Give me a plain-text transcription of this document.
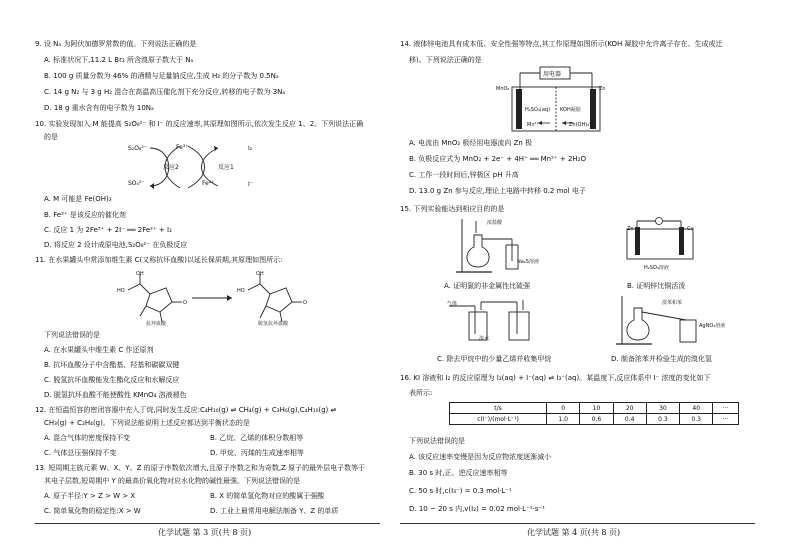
9. 设 Nₐ 为阿伏加德罗常数的值。下列说法正确的是
A. 标准状况下,11.2 L Br₂ 所含溴原子数大于 Nₐ
B. 100 g 质量分数为 46% 的酒精与足量钠反应,生成 H₂ 的分子数为 0.5Nₐ
C. 14 g N₂ 与 3 g H₂ 混合在高温高压催化剂下充分反应,转移的电子数为 3Nₐ
D. 18 g 重水含有的电子数为 10Nₐ
10. 实验发现加入 M 能提高 S₂O₈²⁻ 和 I⁻ 的反应速率,其原理如图所示,依次发生反应 1、2。下列说法正确
的是
S₂O₈²⁻
SO₄²⁻
Fe³⁺
Fe²⁺
I₂
I⁻
反应2	反应1
A. M 可能是 Fe(OH)₃
B. Fe²⁺ 是该反应的催化剂
C. 反应 1 为 2Fe³⁺ + 2I⁻ ══ 2Fe²⁺ + I₂
D. 将反应 2 设计成原电池,S₂O₈²⁻ 在负极反应
11. 在水果罐头中常添加维生素 C(又称抗坏血酸)以延长保质期,其原理如图所示:
OH
HO
O
OH
HO
O
抗坏血酸	脱氢抗坏血酸
下列说法错误的是
A. 在水果罐头中维生素 C 作还原剂
B. 抗坏血酸分子中含酯基、羟基和碳碳双键
C. 脱氢抗坏血酸能发生酯化反应和水解反应
D. 脱氢抗坏血酸不能使酸性 KMnO₄ 溶液褪色
12. 在恒温恒容的密闭容器中充入丁烷,同时发生反应:C₄H₁₀(g) ⇌ CH₄(g) + C₃H₆(g),C₄H₁₀(g) ⇌
CH₃(g) + C₂H₄(g)。下列说法能说明上述反应都达到平衡状态的是
A. 混合气体的密度保持不变	B. 乙烷、乙烯的体积分数相等
C. 气体总压强保持不变	D. 甲烷、丙烯的生成速率相等
13. 短周期主族元素 W、X、Y、Z 的原子序数依次增大,且原子序数之和为奇数,Z 原子的最外层电子数等于
其电子层数,短周期中 Y 的最高价氧化物对应水化物的碱性最强。下列说法错误的是
A. 原子半径:Y > Z > W > X	B. X 的简单氢化物对应的酸属于强酸
C. 简单氧化物的稳定性:X > W	D. 工业上最常用电解法制备 Y、Z 的单质
化学试题 第 3 页(共 8 页)
14. 液体锌电池具有成本低、安全性强等特点,其工作原理如图所示(KOH 凝胶中允许离子存在、生成或迁
移)。下列说法正确的是
用电器
MnO₂	Zn
H₂SO₄(aq) KOH凝胶
Mn²⁺	Zn(OH)₄²⁻
A. 电流由 MnO₂ 极经用电器流向 Zn 极
B. 负极反应式为 MnO₂ + 2e⁻ + 4H⁺ ══ Mn²⁺ + 2H₂O
C. 工作一段时间后,锌极区 pH 升高
D. 13.0 g Zn 参与反应,理论上电路中转移 0.2 mol 电子
15. 下列实验能达到相应目的的是
浓盐酸
Na₂S溶液
Zn	Cu
H₂SO₄溶液
A. 证明氯的非金属性比硫强	B. 证明锌比铜活泼
气体
溴水
溴苯和苯
AgNO₃溶液
C. 除去甲烷中的少量乙烯并收集甲烷	D. 制备浓苯并检验生成的溴化氢
16. KI 溶液和 I₂ 的反应原理为 I₂(aq) + I⁻(aq) ⇌ I₃⁻(aq)。某温度下,反应体系中 I⁻ 浓度的变化如下
表所示:
t/s	0	10	20	30	40	···
c(I⁻)/(mol·L⁻¹)	1.0	0.6	0.4	0.3	0.3	···
下列说法错误的是
A. 该反应速率变慢是因为反应物浓度逐渐减小
B. 30 s 时,正、逆反应速率相等
C. 50 s 时,c(I₃⁻) = 0.3 mol·L⁻¹
D. 10 ~ 20 s 内,v(I₂) = 0.02 mol·L⁻¹·s⁻¹
化学试题 第 4 页(共 8 页)
